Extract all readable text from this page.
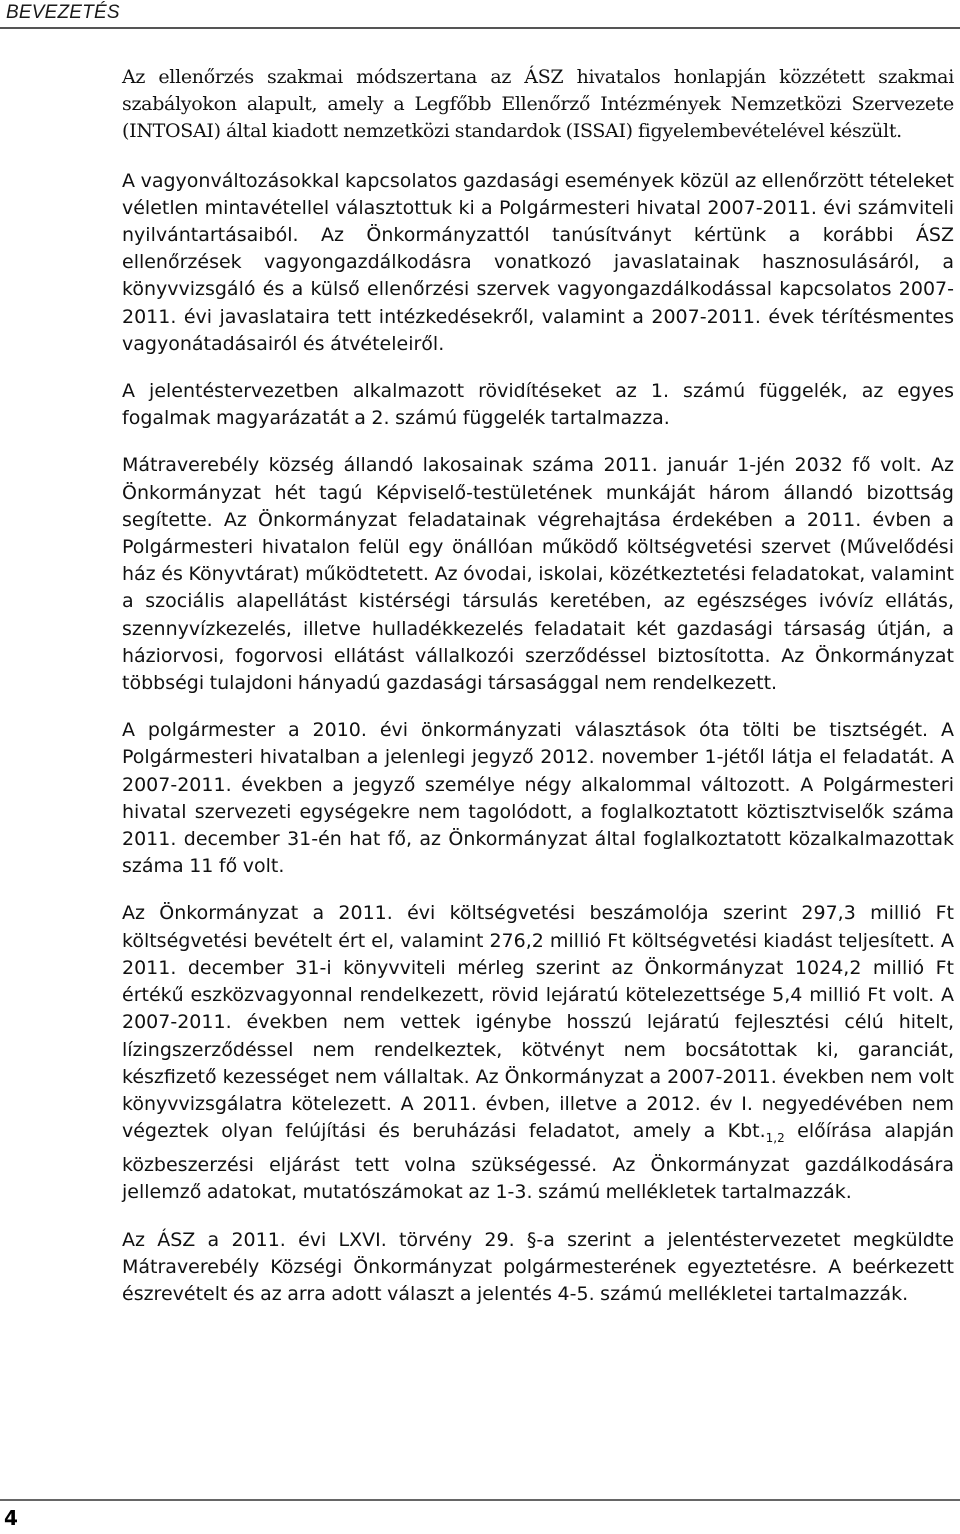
BEVEZETÉS

Az ellenőrzés szakmai módszertana az ÁSZ hivatalos honlapján közzétett szakmai szabályokon alapult, amely a Legfőbb Ellenőrző Intézmények Nemzetközi Szervezete (INTOSAI) által kiadott nemzetközi standardok (ISSAI) figyelembevételével készült.

A vagyonváltozásokkal kapcsolatos gazdasági események közül az ellenőrzött tételeket véletlen mintavétellel választottuk ki a Polgármesteri hivatal 2007-2011. évi számviteli nyilvántartásaiból. Az Önkormányzattól tanúsítványt kértünk a korábbi ÁSZ ellenőrzések vagyongazdálkodásra vonatkozó javaslatainak hasznosulásáról, a könyvvizsgáló és a külső ellenőrzési szervek vagyongazdálkodással kapcsolatos 2007-2011. évi javaslataira tett intézkedésekről, valamint a 2007-2011. évek térítésmentes vagyonátadásairól és átvételeiről.

A jelentéstervezetben alkalmazott rövidítéseket az 1. számú függelék, az egyes fogalmak magyarázatát a 2. számú függelék tartalmazza.

Mátraverebély község állandó lakosainak száma 2011. január 1-jén 2032 fő volt. Az Önkormányzat hét tagú Képviselő-testületének munkáját három állandó bizottság segítette. Az Önkormányzat feladatainak végrehajtása érdekében a 2011. évben a Polgármesteri hivatalon felül egy önállóan működő költségvetési szervet (Művelődési ház és Könyvtárat) működtetett. Az óvodai, iskolai, közétkeztetési feladatokat, valamint a szociális alapellátást kistérségi társulás keretében, az egészséges ivóvíz ellátás, szennyvízkezelés, illetve hulladékkezelés feladatait két gazdasági társaság útján, a háziorvosi, fogorvosi ellátást vállalkozói szerződéssel biztosította. Az Önkormányzat többségi tulajdoni hányadú gazdasági társasággal nem rendelkezett.

A polgármester a 2010. évi önkormányzati választások óta tölti be tisztségét. A Polgármesteri hivatalban a jelenlegi jegyző 2012. november 1-jétől látja el feladatát. A 2007-2011. években a jegyző személye négy alkalommal változott. A Polgármesteri hivatal szervezeti egységekre nem tagolódott, a foglalkoztatott köztisztviselők száma 2011. december 31-én hat fő, az Önkormányzat által foglalkoztatott közalkalmazottak száma 11 fő volt.

Az Önkormányzat a 2011. évi költségvetési beszámolója szerint 297,3 millió Ft költségvetési bevételt ért el, valamint 276,2 millió Ft költségvetési kiadást teljesített. A 2011. december 31-i könyvviteli mérleg szerint az Önkormányzat 1024,2 millió Ft értékű eszközvagyonnal rendelkezett, rövid lejáratú kötelezettsége 5,4 millió Ft volt. A 2007-2011. években nem vettek igénybe hosszú lejáratú fejlesztési célú hitelt, lízingszerződéssel nem rendelkeztek, kötvényt nem bocsátottak ki, garanciát, készfizető kezességet nem vállaltak. Az Önkormányzat a 2007-2011. években nem volt könyvvizsgálatra kötelezett. A 2011. évben, illetve a 2012. év I. negyedévében nem végeztek olyan felújítási és beruházási feladatot, amely a $Kbt._{1,2}$ előírása alapján közbeszerzési eljárást tett volna szükségessé. Az Önkormányzat gazdálkodására jellemző adatokat, mutatószámokat az 1-3. számú mellékletek tartalmazzák.

Az ÁSZ a 2011. évi LXVI. törvény 29. §-a szerint a jelentéstervezetet megküldte Mátraverebély Községi Önkormányzat polgármesterének egyeztetésre. A beérkezett észrevételt és az arra adott választ a jelentés 4-5. számú mellékletei tartalmazzák.

4
